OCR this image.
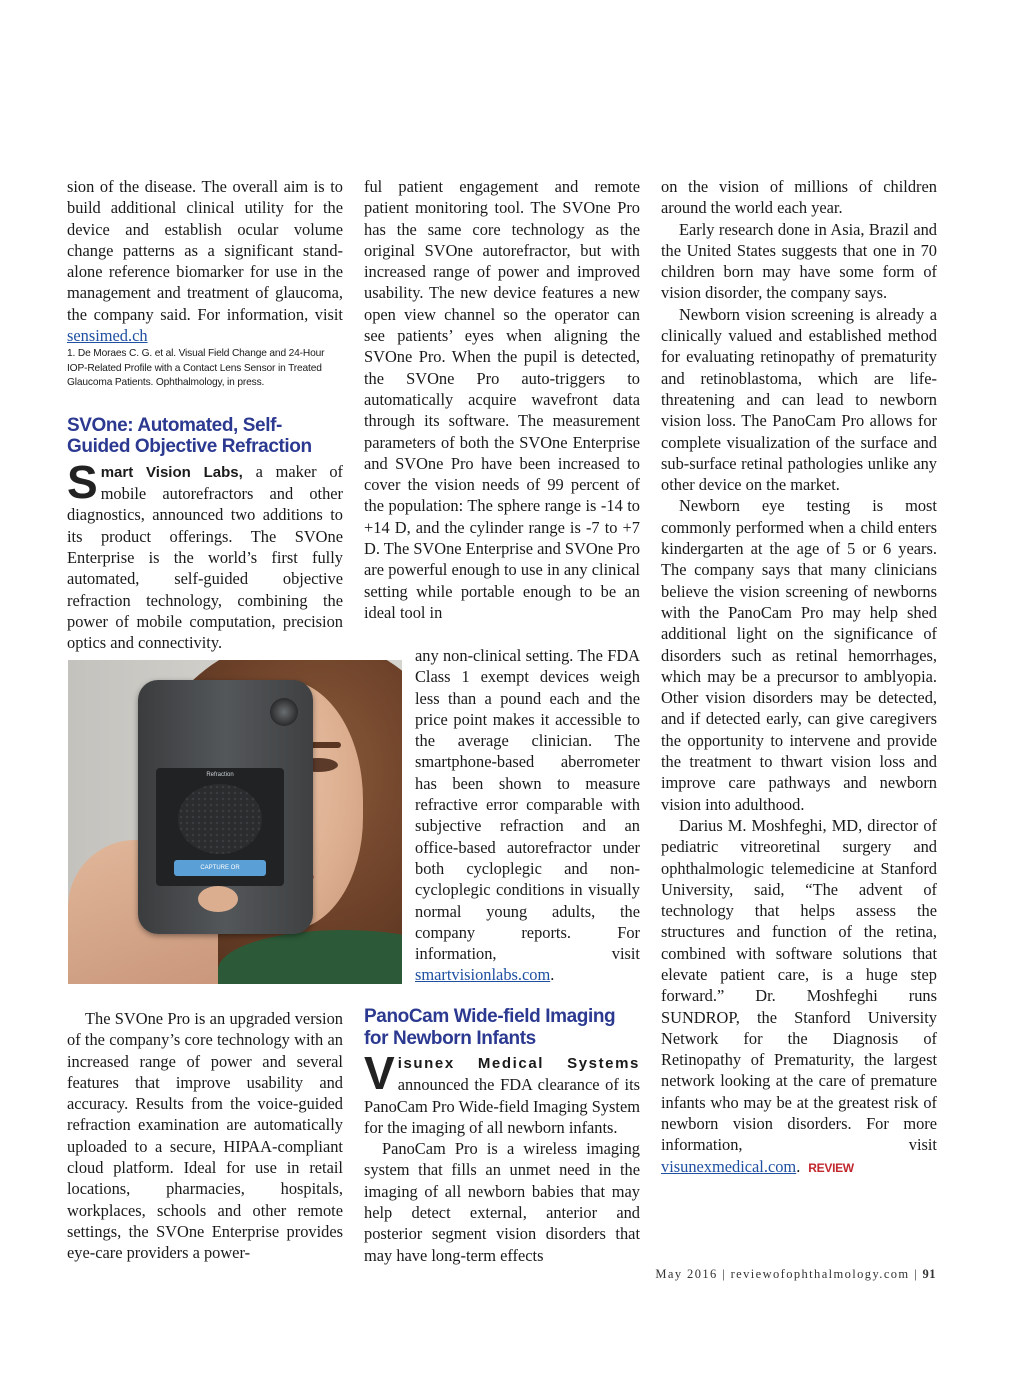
sion of the disease. The overall aim is to build additional clinical utility for the device and establish ocular volume change patterns as a significant stand-alone reference biomarker for use in the management and treatment of glaucoma, the company said. For information, visit sensimed.ch

1. De Moraes C. G. et al. Visual Field Change and 24-Hour IOP-Related Profile with a Contact Lens Sensor in Treated Glaucoma Patients. Ophthalmology, in press.

SVOne: Automated, Self-Guided Objective Refraction
S mart Vision Labs, a maker of mobile autorefractors and other diagnostics, announced two additions to its product offerings. The SVOne Enterprise is the world’s first fully automated, self-guided objective refraction technology, combining the power of mobile computation, precision optics and connectivity.

Refraction
CAPTURE OR

The SVOne Pro is an upgraded version of the company’s core technology with an increased range of power and several features that improve usability and accuracy. Results from the voice-guided refraction examination are automatically uploaded to a secure, HIPAA-compliant cloud platform. Ideal for use in retail locations, pharmacies, hospitals, workplaces, schools and other remote settings, the SVOne Enterprise provides eye-care providers a power-

ful patient engagement and remote patient monitoring tool. The SVOne Pro has the same core technology as the original SVOne autorefractor, but with increased range of power and improved usability. The new device features a new open view channel so the operator can see patients’ eyes when aligning the SVOne Pro. When the pupil is detected, the SVOne Pro auto-triggers to automatically acquire wavefront data through its software. The measurement parameters of both the SVOne Enterprise and SVOne Pro have been increased to cover the vision needs of 99 percent of the population: The sphere range is -14 to +14 D, and the cylinder range is -7 to +7 D. The SVOne Enterprise and SVOne Pro are powerful enough to use in any clinical setting while portable enough to be an ideal tool in

any non-clinical setting. The FDA Class 1 exempt devices weigh less than a pound each and the price point makes it accessible to the average clinician. The smartphone-based aberrometer has been shown to measure refractive error comparable with subjective refraction and an office-based autorefractor under both cycloplegic and non-cycloplegic conditions in visually normal young adults, the company reports. For information, visit smartvisionlabs.com.

PanoCam Wide-field Imaging for Newborn Infants
V isunex Medical Systems announced the FDA clearance of its PanoCam Pro Wide-field Imaging System for the imaging of all newborn infants.

PanoCam Pro is a wireless imaging system that fills an unmet need in the imaging of all newborn babies that may help detect external, anterior and posterior segment vision disorders that may have long-term effects

on the vision of millions of children around the world each year.

Early research done in Asia, Brazil and the United States suggests that one in 70 children born may have some form of vision disorder, the company says.

Newborn vision screening is already a clinically valued and established method for evaluating retinopathy of prematurity and retinoblastoma, which are life-threatening and can lead to newborn vision loss. The PanoCam Pro allows for complete visualization of the surface and sub-surface retinal pathologies unlike any other device on the market.

Newborn eye testing is most commonly performed when a child enters kindergarten at the age of 5 or 6 years. The company says that many clinicians believe the vision screening of newborns with the PanoCam Pro may help shed additional light on the significance of disorders such as retinal hemorrhages, which may be a precursor to amblyopia. Other vision disorders may be detected, and if detected early, can give caregivers the opportunity to intervene and provide the treatment to thwart vision loss and improve care pathways and newborn vision into adulthood.

Darius M. Moshfeghi, MD, director of pediatric vitreoretinal surgery and ophthalmologic telemedicine at Stanford University, said, “The advent of technology that helps assess the structures and function of the retina, combined with software solutions that elevate patient care, is a huge step forward.” Dr. Moshfeghi runs SUNDROP, the Stanford University Network for the Diagnosis of Retinopathy of Prematurity, the largest network looking at the care of premature infants who may be at the greatest risk of newborn vision disorders. For more information, visit visunexmedical.com. REVIEW

May 2016 | reviewofophthalmology.com | 91
